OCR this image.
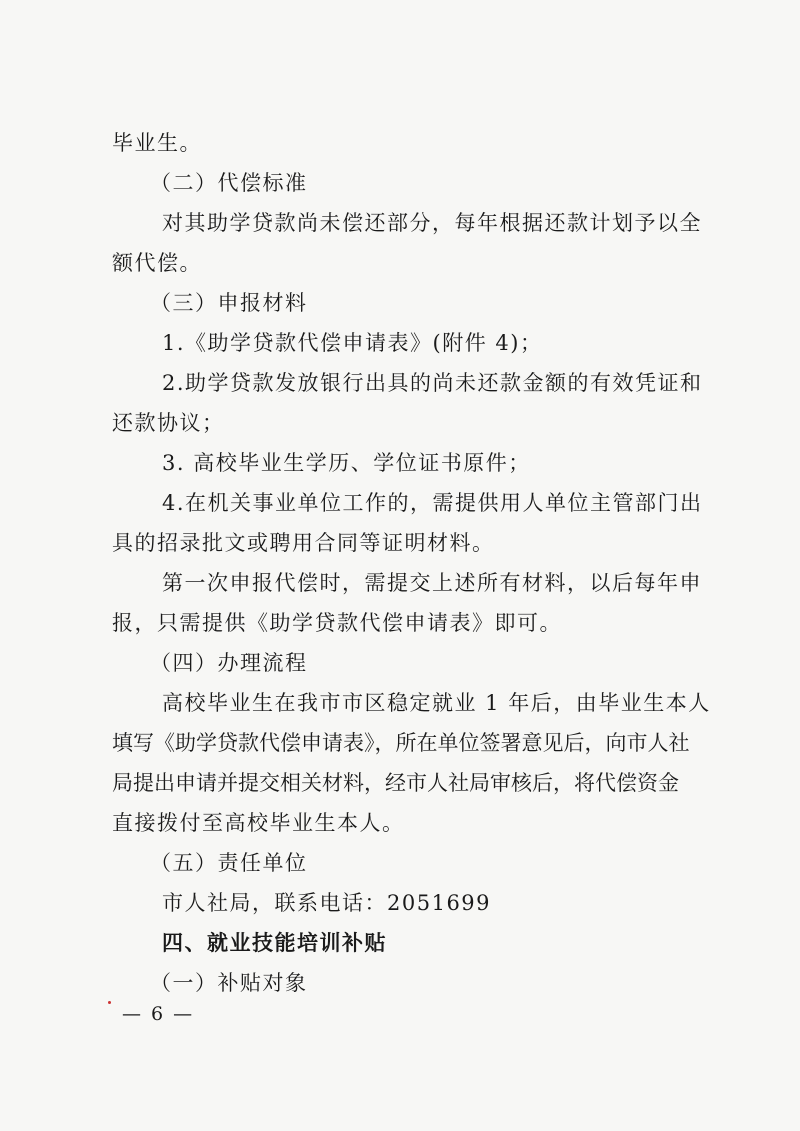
毕业生。
（二）代偿标准
对其助学贷款尚未偿还部分，每年根据还款计划予以全
额代偿。
（三）申报材料
1.《助学贷款代偿申请表》(附件 4)；
2.助学贷款发放银行出具的尚未还款金额的有效凭证和
还款协议；
3. 高校毕业生学历、学位证书原件；
4.在机关事业单位工作的，需提供用人单位主管部门出
具的招录批文或聘用合同等证明材料。
第一次申报代偿时，需提交上述所有材料，以后每年申
报，只需提供《助学贷款代偿申请表》即可。
（四）办理流程
高校毕业生在我市市区稳定就业 1 年后，由毕业生本人
填写《助学贷款代偿申请表》，所在单位签署意见后，向市人社
局提出申请并提交相关材料，经市人社局审核后，将代偿资金
直接拨付至高校毕业生本人。
（五）责任单位
市人社局，联系电话：2051699
四、就业技能培训补贴
（一）补贴对象
— 6 —
